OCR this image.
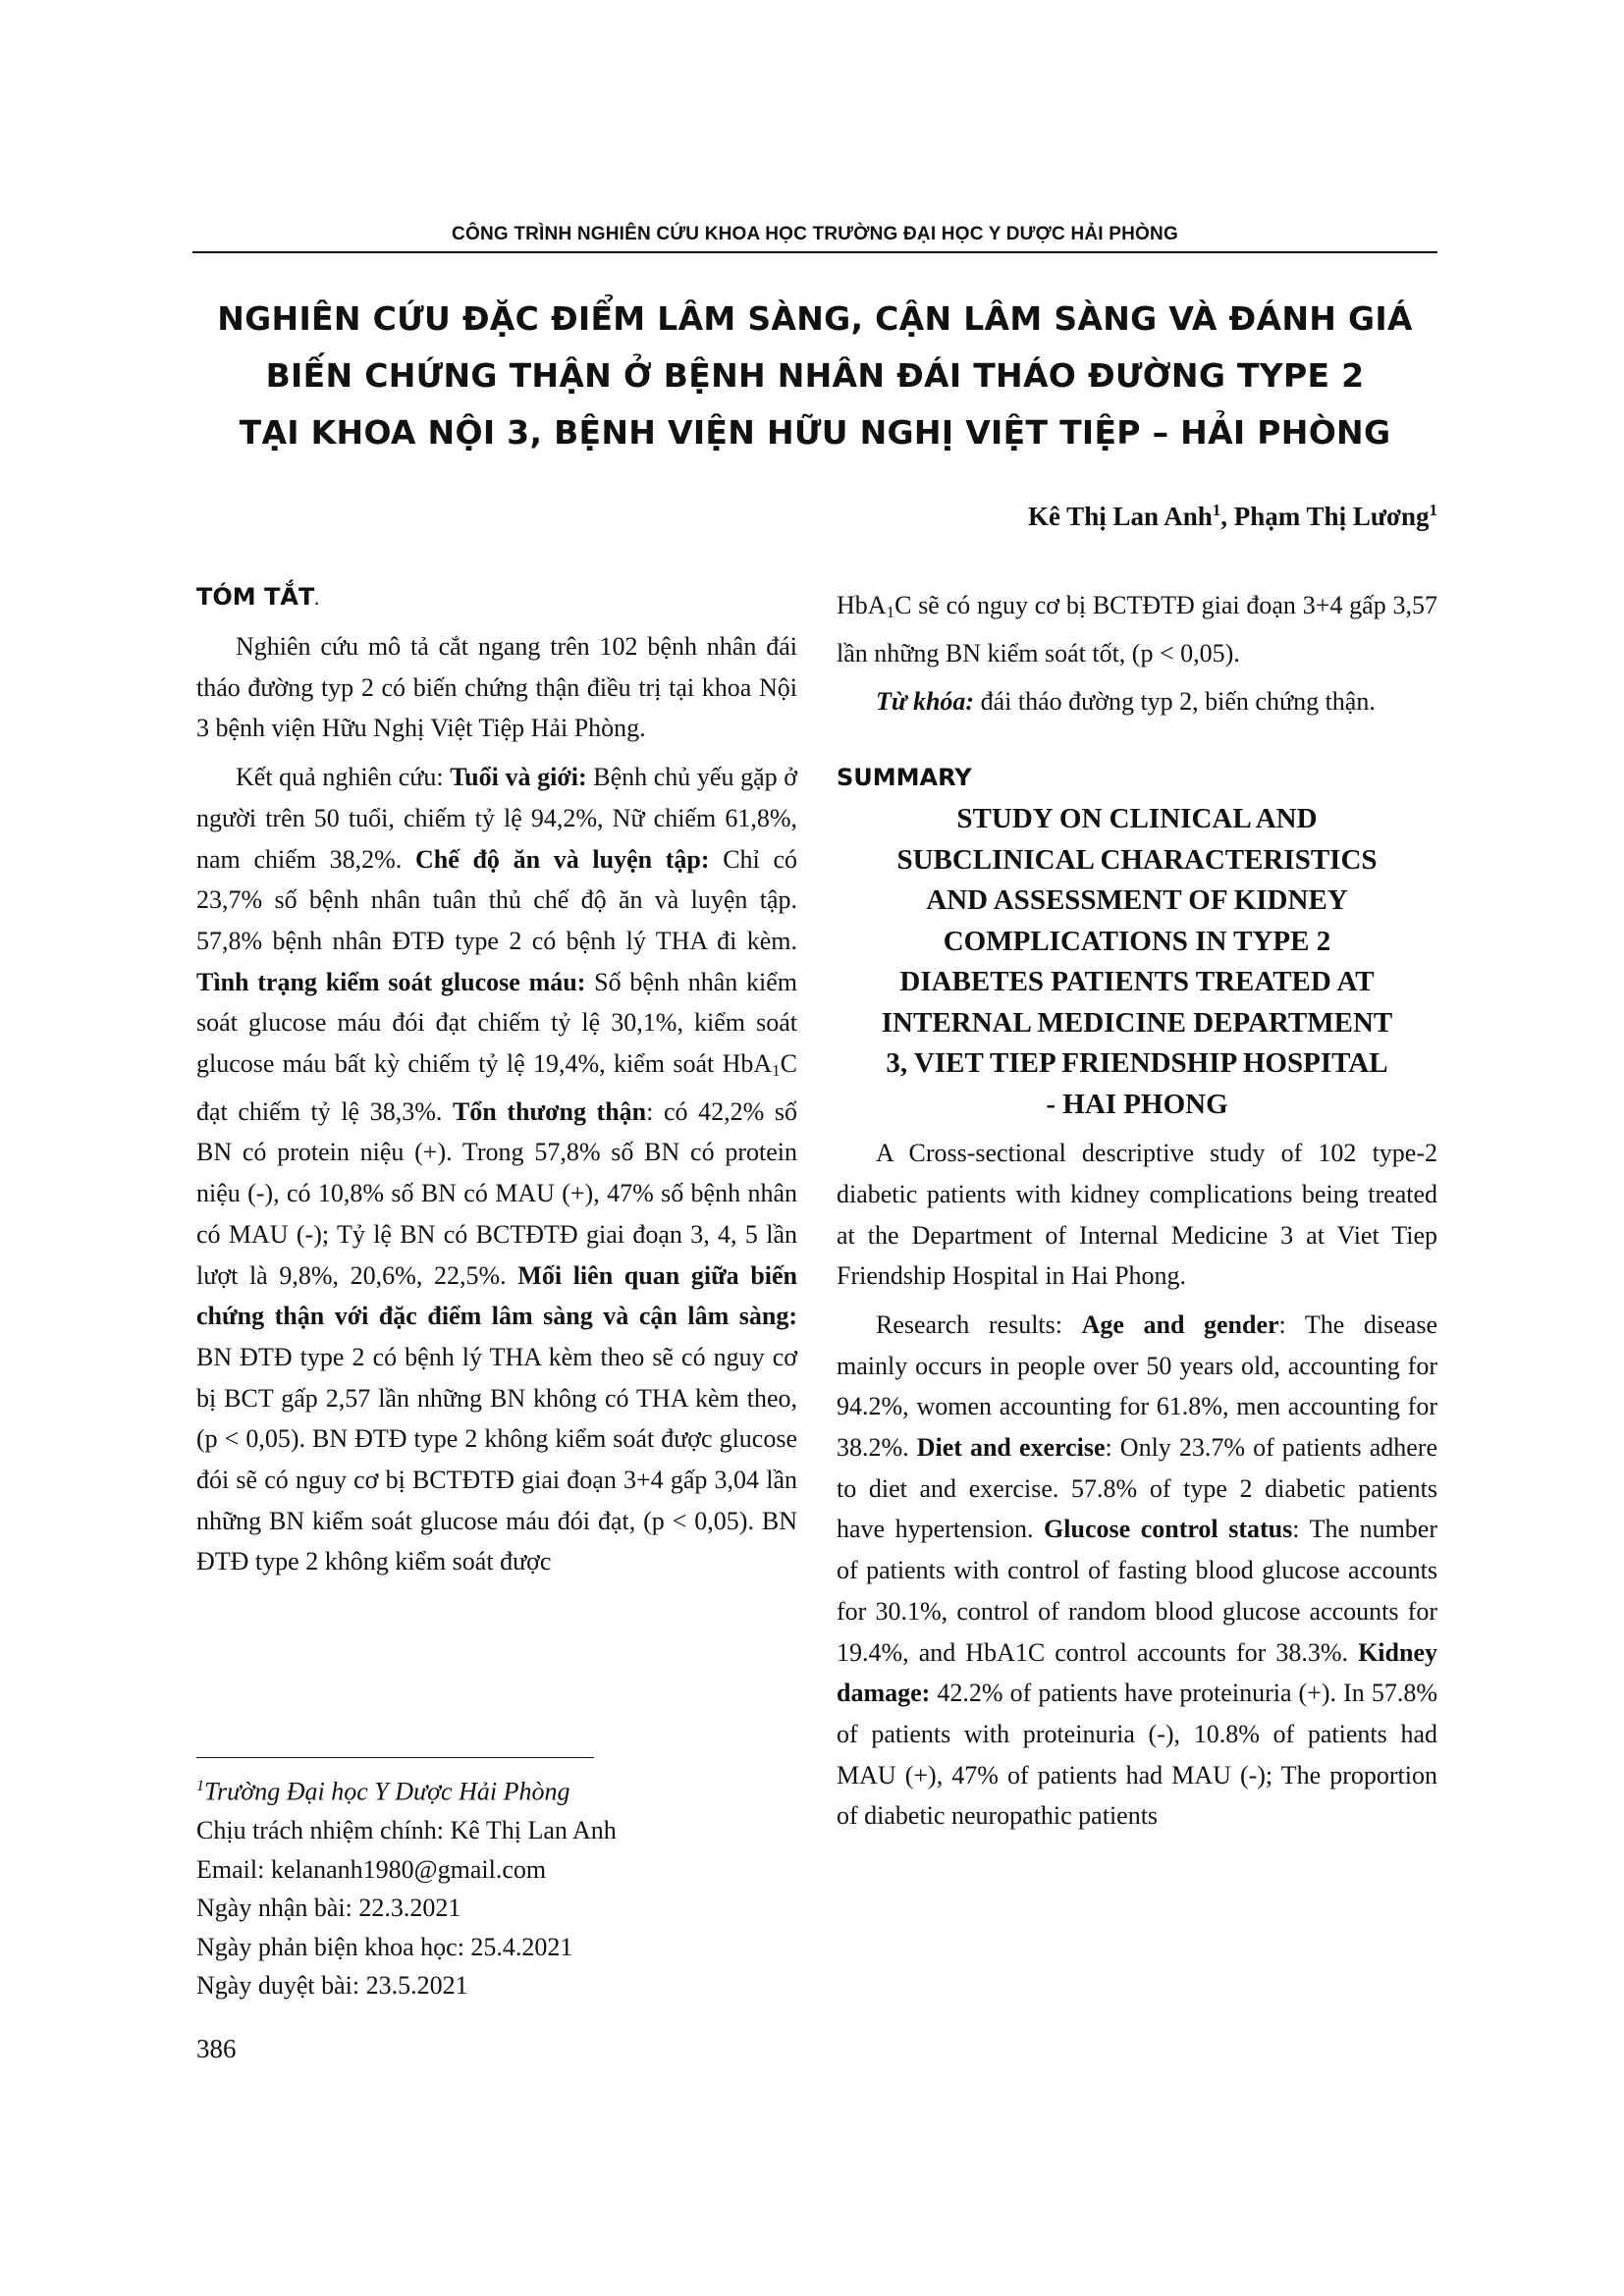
CÔNG TRÌNH NGHIÊN CỨU KHOA HỌC TRƯỜNG ĐẠI HỌC Y DƯỢC HẢI PHÒNG
NGHIÊN CỨU ĐẶC ĐIỂM LÂM SÀNG, CẬN LÂM SÀNG VÀ ĐÁNH GIÁ
BIẾN CHỨNG THẬN Ở BỆNH NHÂN ĐÁI THÁO ĐƯỜNG TYPE 2
TẠI KHOA NỘI 3, BỆNH VIỆN HỮU NGHỊ VIỆT TIỆP – HẢI PHÒNG
Kê Thị Lan Anh$^1$, Phạm Thị Lương$^1$
TÓM TẮT.

Nghiên cứu mô tả cắt ngang trên 102 bệnh nhân đái tháo đường typ 2 có biến chứng thận điều trị tại khoa Nội 3 bệnh viện Hữu Nghị Việt Tiệp Hải Phòng.

Kết quả nghiên cứu: Tuổi và giới: Bệnh chủ yếu gặp ở người trên 50 tuổi, chiếm tỷ lệ 94,2%, Nữ chiếm 61,8%, nam chiếm 38,2%. Chế độ ăn và luyện tập: Chỉ có 23,7% số bệnh nhân tuân thủ chế độ ăn và luyện tập. 57,8% bệnh nhân ĐTĐ type 2 có bệnh lý THA đi kèm. Tình trạng kiểm soát glucose máu: Số bệnh nhân kiểm soát glucose máu đói đạt chiếm tỷ lệ 30,1%, kiểm soát glucose máu bất kỳ chiếm tỷ lệ 19,4%, kiểm soát HbA$_1$C đạt chiếm tỷ lệ 38,3%. Tổn thương thận: có 42,2% số BN có protein niệu (+). Trong 57,8% số BN có protein niệu (-), có 10,8% số BN có MAU (+), 47% số bệnh nhân có MAU (-); Tỷ lệ BN có BCTĐTĐ giai đoạn 3, 4, 5 lần lượt là 9,8%, 20,6%, 22,5%. Mối liên quan giữa biến chứng thận với đặc điểm lâm sàng và cận lâm sàng: BN ĐTĐ type 2 có bệnh lý THA kèm theo sẽ có nguy cơ bị BCT gấp 2,57 lần những BN không có THA kèm theo, (p < 0,05). BN ĐTĐ type 2 không kiểm soát được glucose đói sẽ có nguy cơ bị BCTĐTĐ giai đoạn 3+4 gấp 3,04 lần những BN kiểm soát glucose máu đói đạt, (p < 0,05). BN ĐTĐ type 2 không kiểm soát được

$^1$Trường Đại học Y Dược Hải Phòng
Chịu trách nhiệm chính: Kê Thị Lan Anh
Email: kelananh1980@gmail.com
Ngày nhận bài: 22.3.2021
Ngày phản biện khoa học: 25.4.2021
Ngày duyệt bài: 23.5.2021
386

HbA$_1$C sẽ có nguy cơ bị BCTĐTĐ giai đoạn 3+4 gấp 3,57 lần những BN kiểm soát tốt, (p < 0,05).

Từ khóa: đái tháo đường typ 2, biến chứng thận.

SUMMARY
STUDY ON CLINICAL AND
SUBCLINICAL CHARACTERISTICS
AND ASSESSMENT OF KIDNEY
COMPLICATIONS IN TYPE 2
DIABETES PATIENTS TREATED AT
INTERNAL MEDICINE DEPARTMENT
3, VIET TIEP FRIENDSHIP HOSPITAL
- HAI PHONG

A Cross-sectional descriptive study of 102 type-2 diabetic patients with kidney complications being treated at the Department of Internal Medicine 3 at Viet Tiep Friendship Hospital in Hai Phong.

Research results: Age and gender: The disease mainly occurs in people over 50 years old, accounting for 94.2%, women accounting for 61.8%, men accounting for 38.2%. Diet and exercise: Only 23.7% of patients adhere to diet and exercise. 57.8% of type 2 diabetic patients have hypertension. Glucose control status: The number of patients with control of fasting blood glucose accounts for 30.1%, control of random blood glucose accounts for 19.4%, and HbA1C control accounts for 38.3%. Kidney damage: 42.2% of patients have proteinuria (+). In 57.8% of patients with proteinuria (-), 10.8% of patients had MAU (+), 47% of patients had MAU (-); The proportion of diabetic neuropathic patients
